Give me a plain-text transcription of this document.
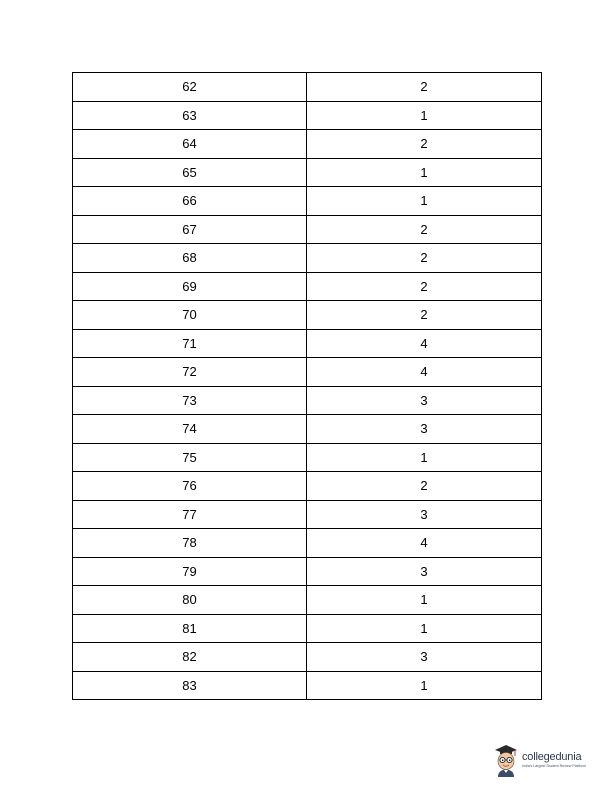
62	2
63	1
64	2
65	1
66	1
67	2
68	2
69	2
70	2
71	4
72	4
73	3
74	3
75	1
76	2
77	3
78	4
79	3
80	1
81	1
82	3
83	1
collegedunia
India's Largest Student Review Platform
